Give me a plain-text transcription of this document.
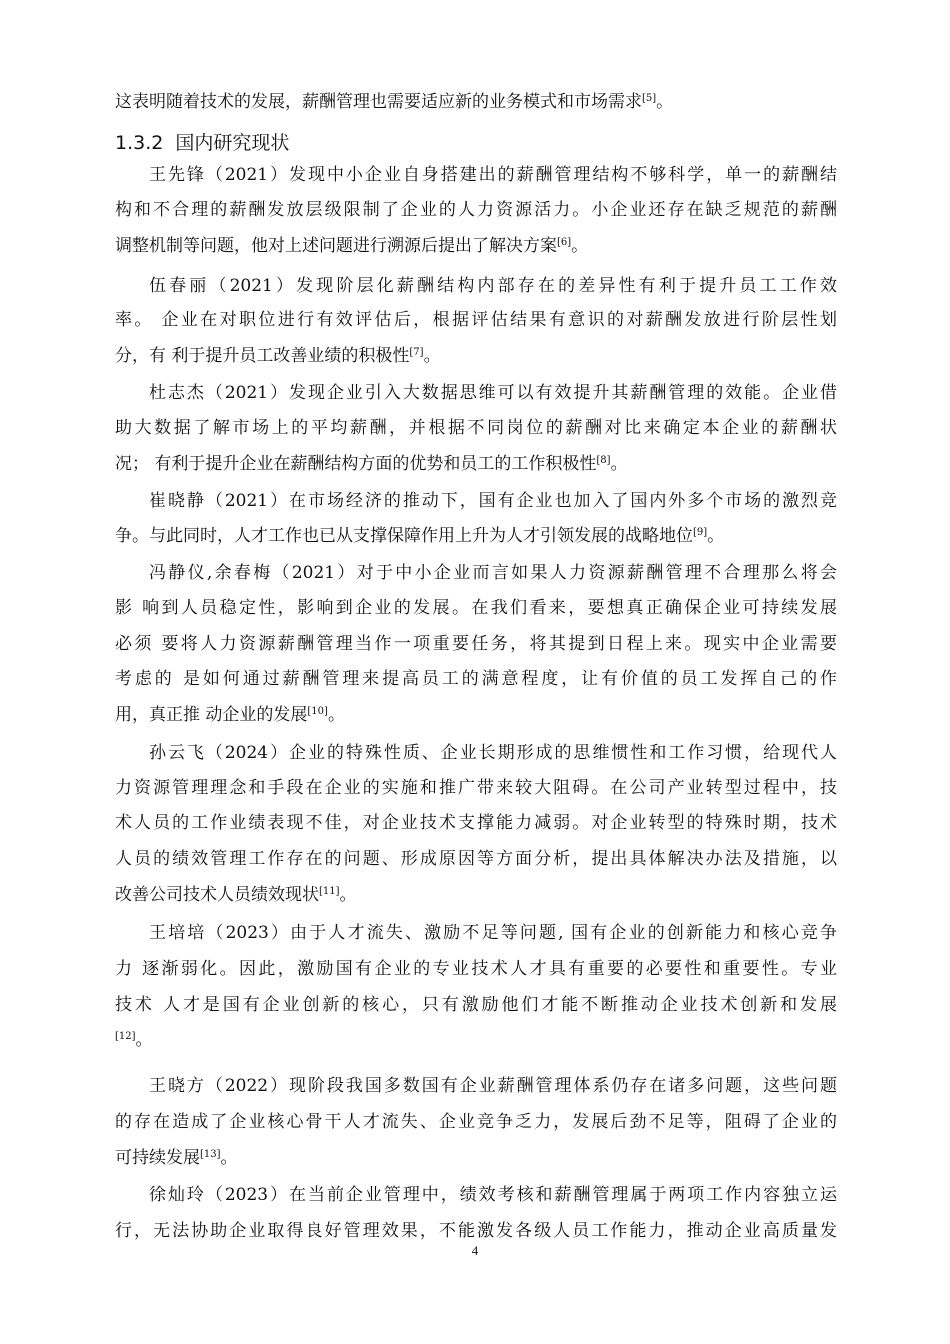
1.3.2 国内研究现状
这表明随着技术的发展，薪酬管理也需要适应新的业务模式和市场需求[5]。
王先锋（2021）发现中小企业自身搭建出的薪酬管理结构不够科学，单一的薪酬结
构和不合理的薪酬发放层级限制了企业的人力资源活力。小企业还存在缺乏规范的薪酬
调整机制等问题，他对上述问题进行溯源后提出了解决方案[6]。
伍春丽（2021）发现阶层化薪酬结构内部存在的差异性有利于提升员工工作效
率。 企业在对职位进行有效评估后，根据评估结果有意识的对薪酬发放进行阶层性划
分，有 利于提升员工改善业绩的积极性[7]。
杜志杰（2021）发现企业引入大数据思维可以有效提升其薪酬管理的效能。企业借
助大数据了解市场上的平均薪酬，并根据不同岗位的薪酬对比来确定本企业的薪酬状
况； 有利于提升企业在薪酬结构方面的优势和员工的工作积极性[8]。
崔晓静（2021）在市场经济的推动下，国有企业也加入了国内外多个市场的激烈竞
争。与此同时，人才工作也已从支撑保障作用上升为人才引领发展的战略地位[9]。
冯静仪,余春梅（2021）对于中小企业而言如果人力资源薪酬管理不合理那么将会
影 响到人员稳定性，影响到企业的发展。在我们看来，要想真正确保企业可持续发展
必须 要将人力资源薪酬管理当作一项重要任务，将其提到日程上来。现实中企业需要
考虑的 是如何通过薪酬管理来提高员工的满意程度，让有价值的员工发挥自己的作
用，真正推 动企业的发展[10]。
孙云飞（2024）企业的特殊性质、企业长期形成的思维惯性和工作习惯，给现代人
力资源管理理念和手段在企业的实施和推广带来较大阻碍。在公司产业转型过程中，技
术人员的工作业绩表现不佳，对企业技术支撑能力减弱。对企业转型的特殊时期，技术
人员的绩效管理工作存在的问题、形成原因等方面分析，提出具体解决办法及措施，以
改善公司技术人员绩效现状[11]。
王培培（2023）由于人才流失、激励不足等问题, 国有企业的创新能力和核心竞争
力 逐渐弱化。因此，激励国有企业的专业技术人才具有重要的必要性和重要性。专业
技术 人才是国有企业创新的核心，只有激励他们才能不断推动企业技术创新和发展
[12]。
王晓方（2022）现阶段我国多数国有企业薪酬管理体系仍存在诸多问题，这些问题
的存在造成了企业核心骨干人才流失、企业竞争乏力，发展后劲不足等，阻碍了企业的
可持续发展[13]。
徐灿玲（2023）在当前企业管理中，绩效考核和薪酬管理属于两项工作内容独立运
行，无法协助企业取得良好管理效果，不能激发各级人员工作能力，推动企业高质量发
4
